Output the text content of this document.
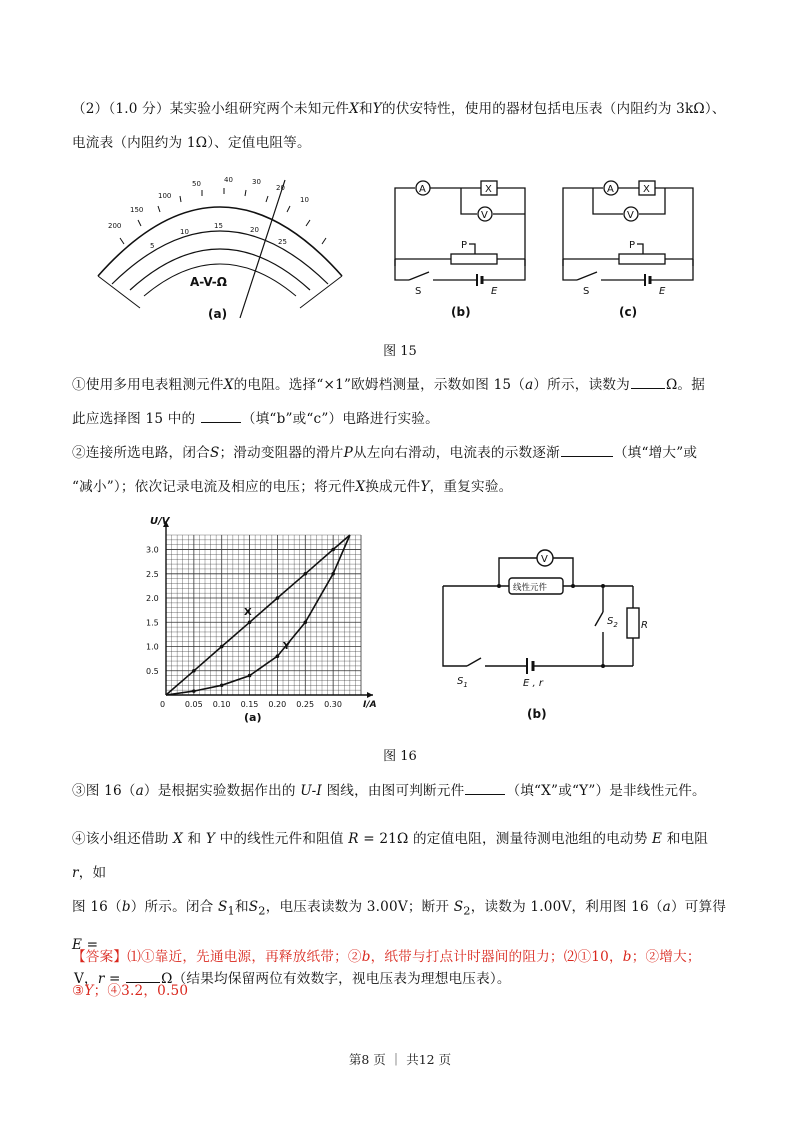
（2）（1.0 分）某实验小组研究两个未知元件X和Y的伏安特性，使用的器材包括电压表（内阻约为 3kΩ）、
电流表（内阻约为 1Ω）、定值电阻等。
200
150
100
50	40	30
20
10
5
10
15	20
25
A-V-Ω
(a)
A	X
V
P
S	E
(b)
A	X
V
P
S	E
(c)
图 15
①使用多用电表粗测元件X的电阻。选择“×1”欧姆档测量，示数如图 15（a）所示，读数为	Ω。据
此应选择图 15 中的	（填“b”或“c”）电路进行实验。
②连接所选电路，闭合S；滑动变阻器的滑片P从左向右滑动，电流表的示数逐渐	（填“增大”或
“减小”）；依次记录电流及相应的电压；将元件X换成元件Y，重复实验。
0 0.05 0.10 0.15 0.20 0.25 0.30
0.5
1.0
1.5
2.0
2.5
3.0
U/V
I/A
X
Y
(a)
V
线性元件
$S_1$
$S_2$ R
E , r
(b)
图 16
③图 16（a）是根据实验数据作出的 U-I 图线，由图可判断元件	（填“X”或“Y”）是非线性元件。
④该小组还借助 X 和 Y 中的线性元件和阻值 R = 21Ω 的定值电阻，测量待测电池组的电动势 E 和电阻 r，如
图 16（b）所示。闭合 $S_1$和$S_2$，电压表读数为 3.00V；断开 $S_2$，读数为 1.00V，利用图 16（a）可算得 E =
V，r =	Ω（结果均保留两位有效数字，视电压表为理想电压表）。
【答案】⑴①靠近，先通电源，再释放纸带；②b，纸带与打点计时器间的阻力；⑵①10，b；②增大；
③Y；④3.2，0.50
第8 页 ｜ 共12 页
